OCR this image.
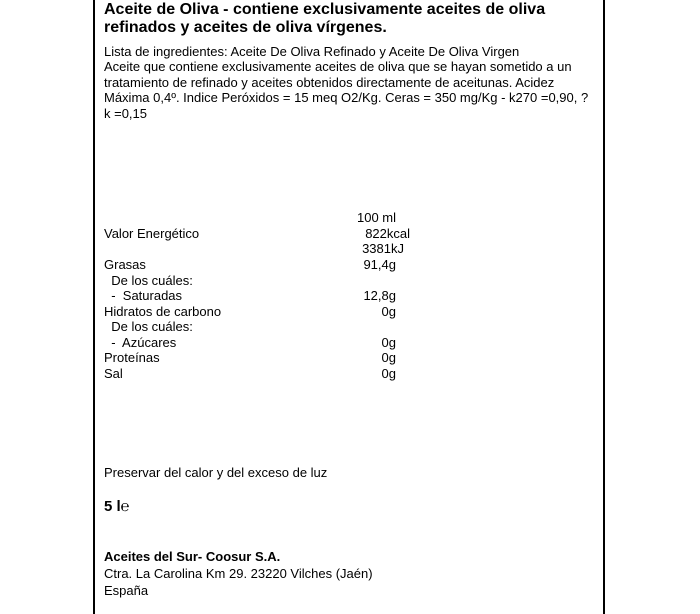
Aceite de Oliva - contiene exclusivamente aceites de oliva refinados y aceites de oliva vírgenes.
Lista de ingredientes: Aceite De Oliva Refinado y Aceite De Oliva Virgen
Aceite que contiene exclusivamente aceites de oliva que se hayan sometido a un tratamiento de refinado y aceites obtenidos directamente de aceitunas. Acidez Máxima 0,4º. Indice Peróxidos = 15 meq O2/Kg. Ceras = 350 mg/Kg - k270 =0,90, ?k =0,15
100 ml
Valor Energético	822kcal
3381kJ
Grasas	91,4g
De los cuáles:
-  Saturadas	12,8g
Hidratos de carbono	0g
De los cuáles:
-  Azúcares	0g
Proteínas	0g
Sal	0g
Preservar del calor y del exceso de luz
5 l℮
Aceites del Sur- Coosur S.A.
Ctra. La Carolina Km 29. 23220 Vilches (Jaén)
España
